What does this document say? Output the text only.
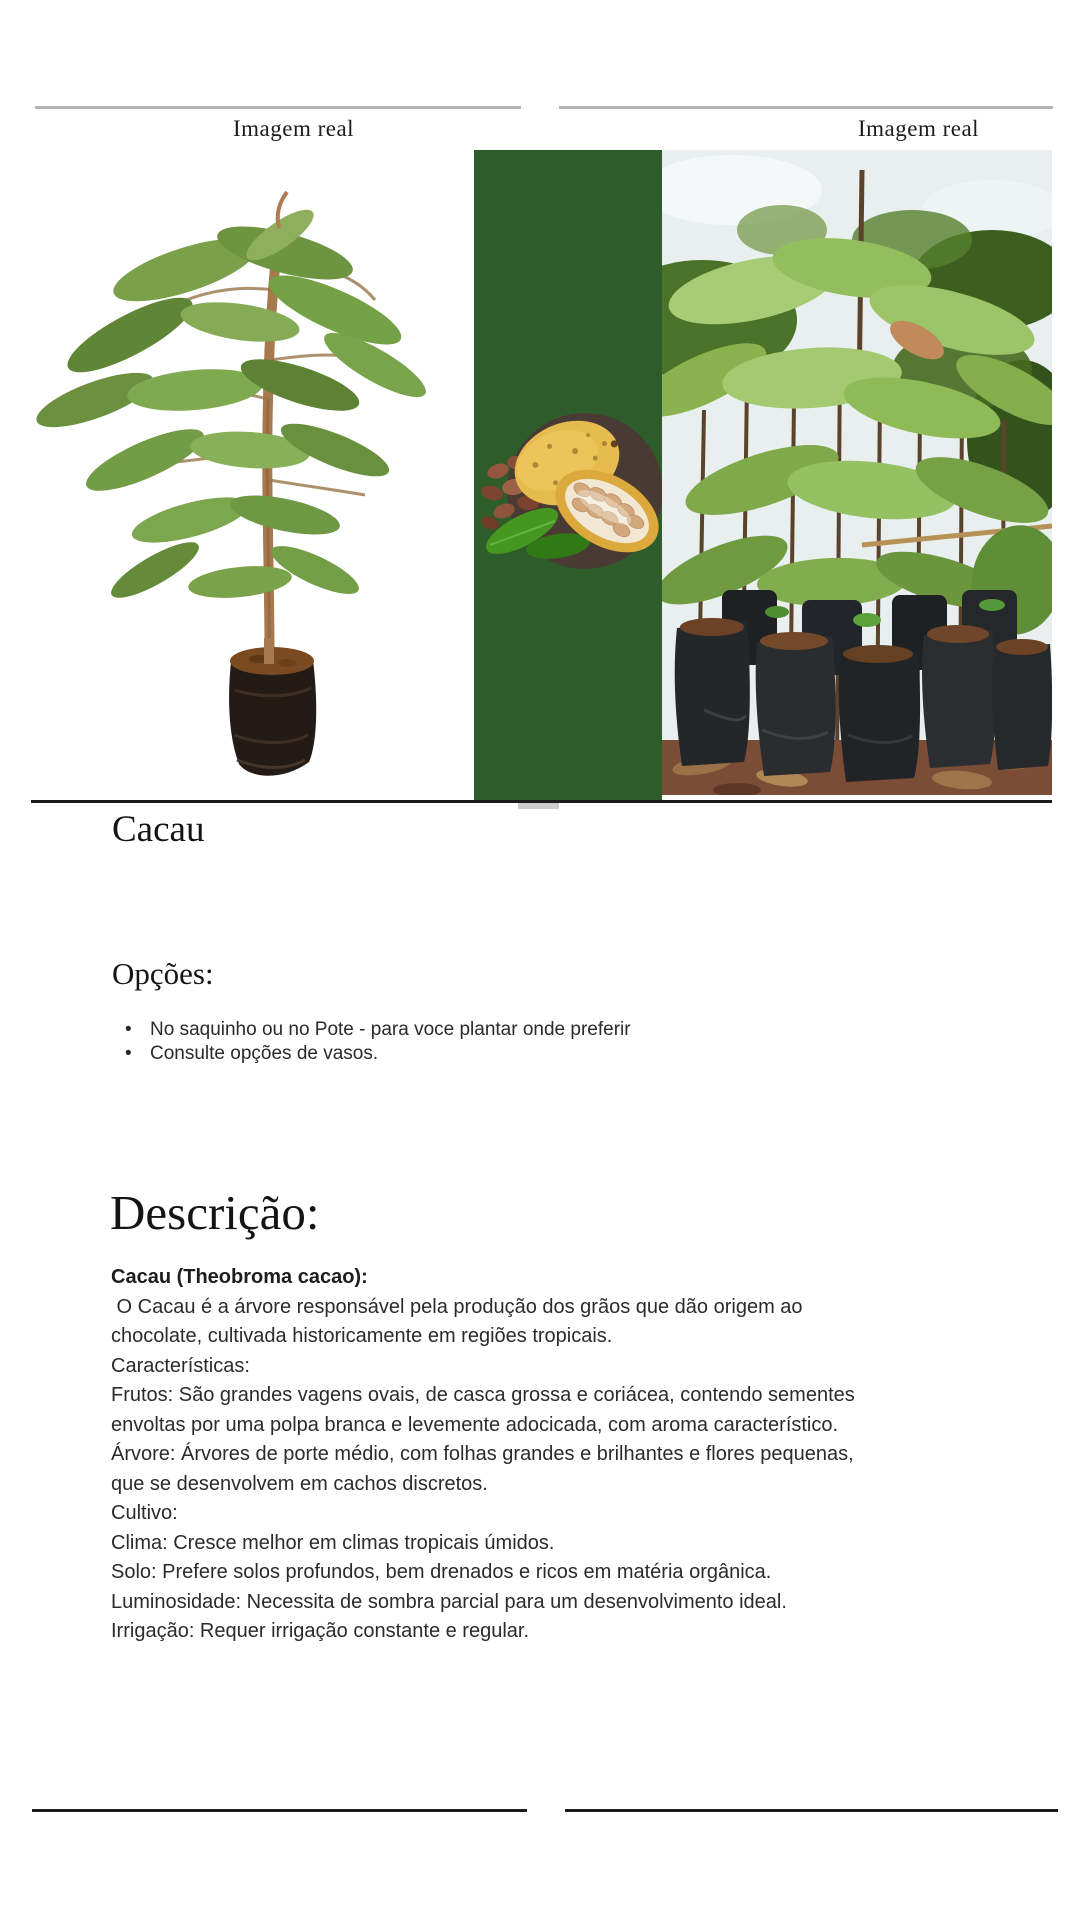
Imagem real	Imagem real
Cacau
Opções:
• No saquinho ou no Pote - para voce plantar onde preferir
• Consulte opções de vasos.
Descrição:
Cacau (Theobroma cacao):
O Cacau é a árvore responsável pela produção dos grãos que dão origem ao
chocolate, cultivada historicamente em regiões tropicais.
Características:
Frutos: São grandes vagens ovais, de casca grossa e coriácea, contendo sementes
envoltas por uma polpa branca e levemente adocicada, com aroma característico.
Árvore: Árvores de porte médio, com folhas grandes e brilhantes e flores pequenas,
que se desenvolvem em cachos discretos.
Cultivo:
Clima: Cresce melhor em climas tropicais úmidos.
Solo: Prefere solos profundos, bem drenados e ricos em matéria orgânica.
Luminosidade: Necessita de sombra parcial para um desenvolvimento ideal.
Irrigação: Requer irrigação constante e regular.
